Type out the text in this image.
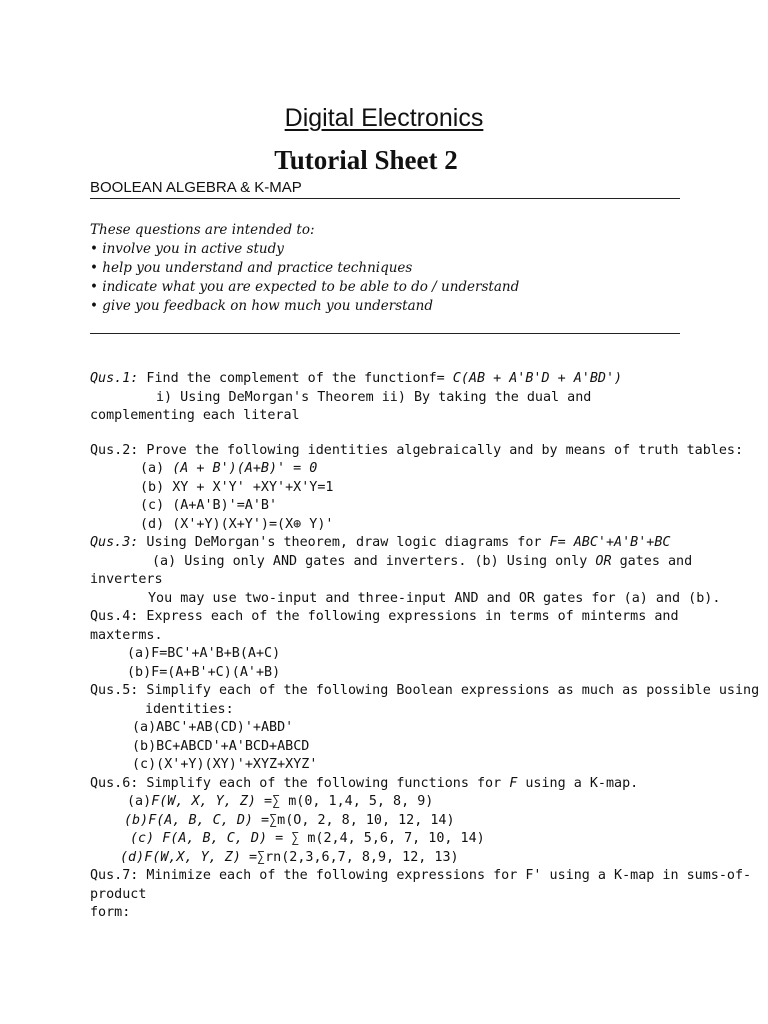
Digital Electronics
Tutorial Sheet 2
BOOLEAN ALGEBRA & K-MAP
These questions are intended to:
• involve you in active study
• help you understand and practice techniques
• indicate what you are expected to be able to do / understand
• give you feedback on how much you understand
Qus.1: Find the complement of the functionf= C(AB + A'B'D + A'BD')
i) Using DeMorgan's Theorem ii) By taking the dual and
complementing each literal
Qus.2: Prove the following identities algebraically and by means of truth tables:
(a) (A + B')(A+B)' = 0
(b) XY + X'Y' +XY'+X'Y=1
(c) (A+A'B)'=A'B'
(d) (X'+Y)(X+Y')=(X⊕ Y)'
Qus.3: Using DeMorgan's theorem, draw logic diagrams for F= ABC'+A'B'+BC
(a) Using only AND gates and inverters. (b) Using only OR gates and
inverters
You may use two-input and three-input AND and OR gates for (a) and (b).
Qus.4: Express each of the following expressions in terms of minterms and
maxterms.
(a)F=BC'+A'B+B(A+C)
(b)F=(A+B'+C)(A'+B)
Qus.5: Simplify each of the following Boolean expressions as much as possible using
identities:
(a)ABC'+AB(CD)'+ABD'
(b)BC+ABCD'+A'BCD+ABCD
(c)(X'+Y)(XY)'+XYZ+XYZ'
Qus.6: Simplify each of the following functions for F using a K-map.
(a)F(W, X, Y, Z) =∑ m(0, 1,4, 5, 8, 9)
(b)F(A, B, C, D) =∑m(O, 2, 8, 10, 12, 14)
(c) F(A, B, C, D) = ∑ m(2,4, 5,6, 7, 10, 14)
(d)F(W,X, Y, Z) =∑rn(2,3,6,7, 8,9, 12, 13)
Qus.7: Minimize each of the following expressions for F' using a K-map in sums-of-
product
form:
